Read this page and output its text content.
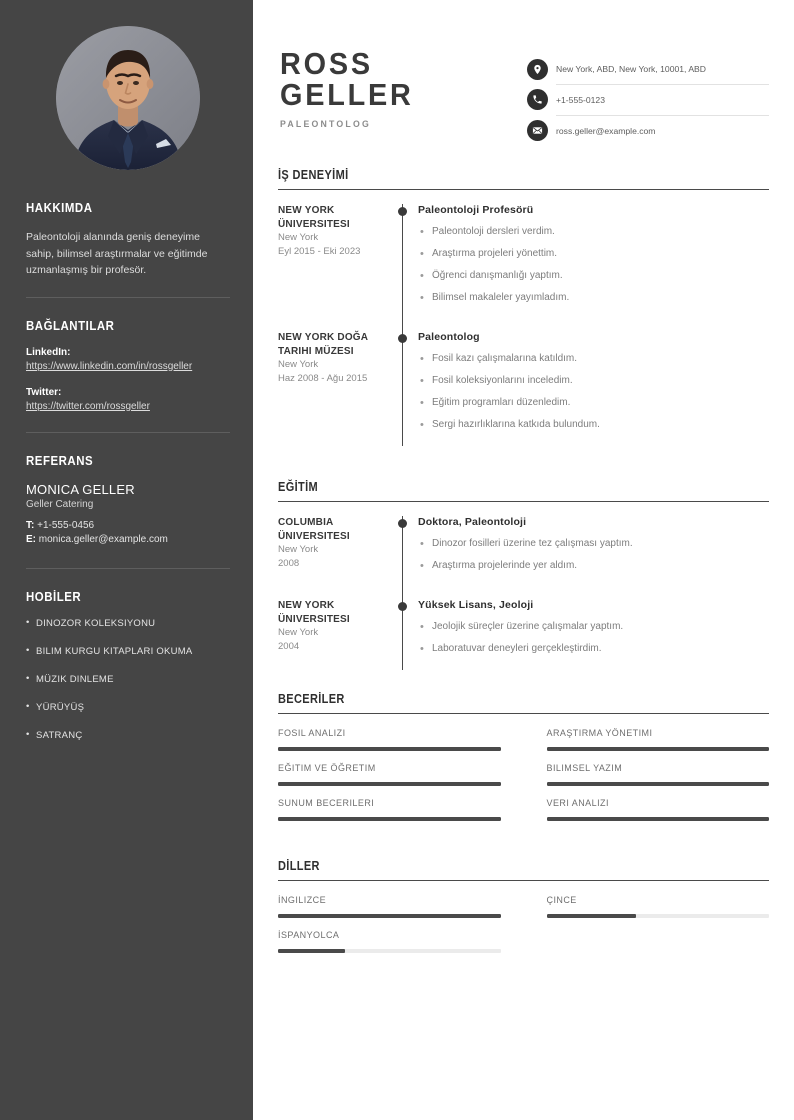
HAKKIMDA

Paleontoloji alanında geniş deneyime sahip, bilimsel araştırmalar ve eğitimde uzmanlaşmış bir profesör.

BAĞLANTILAR
LinkedIn:
https://www.linkedin.com/in/rossgeller
Twitter:
https://twitter.com/rossgeller
REFERANS
MONICA GELLER
Geller Catering
T: +1-555-0456
E: monica.geller@example.com
HOBİLER
• DINOZOR KOLEKSIYONU
• BILIM KURGU KITAPLARI OKUMA
• MÜZIK DINLEME
• YÜRÜYÜŞ
• SATRANÇ
ROSS
GELLER
PALEONTOLOG
New York, ABD, New York, 10001, ABD
+1-555-0123
ross.geller@example.com
İŞ DENEYİMİ
NEW YORK ÜNIVERSITESI
New York
Eyl 2015 - Eki 2023
Paleontoloji Profesörü
• Paleontoloji dersleri verdim.
• Araştırma projeleri yönettim.
• Öğrenci danışmanlığı yaptım.
• Bilimsel makaleler yayımladım.
NEW YORK DOĞA TARIHI MÜZESI
New York
Haz 2008 - Ağu 2015
Paleontolog
• Fosil kazı çalışmalarına katıldım.
• Fosil koleksiyonlarını inceledim.
• Eğitim programları düzenledim.
• Sergi hazırlıklarına katkıda bulundum.
EĞİTİM
COLUMBIA ÜNIVERSITESI
New York
2008
Doktora, Paleontoloji
• Dinozor fosilleri üzerine tez çalışması yaptım.
• Araştırma projelerinde yer aldım.
NEW YORK ÜNIVERSITESI
New York
2004
Yüksek Lisans, Jeoloji
• Jeolojik süreçler üzerine çalışmalar yaptım.
• Laboratuvar deneyleri gerçekleştirdim.
BECERİLER
FOSIL ANALIZI	ARAŞTIRMA YÖNETIMI
EĞITIM VE ÖĞRETIM	BILIMSEL YAZIM
SUNUM BECERILERI	VERI ANALIZI
DİLLER
İNGILIZCE	ÇINCE
İSPANYOLCA
